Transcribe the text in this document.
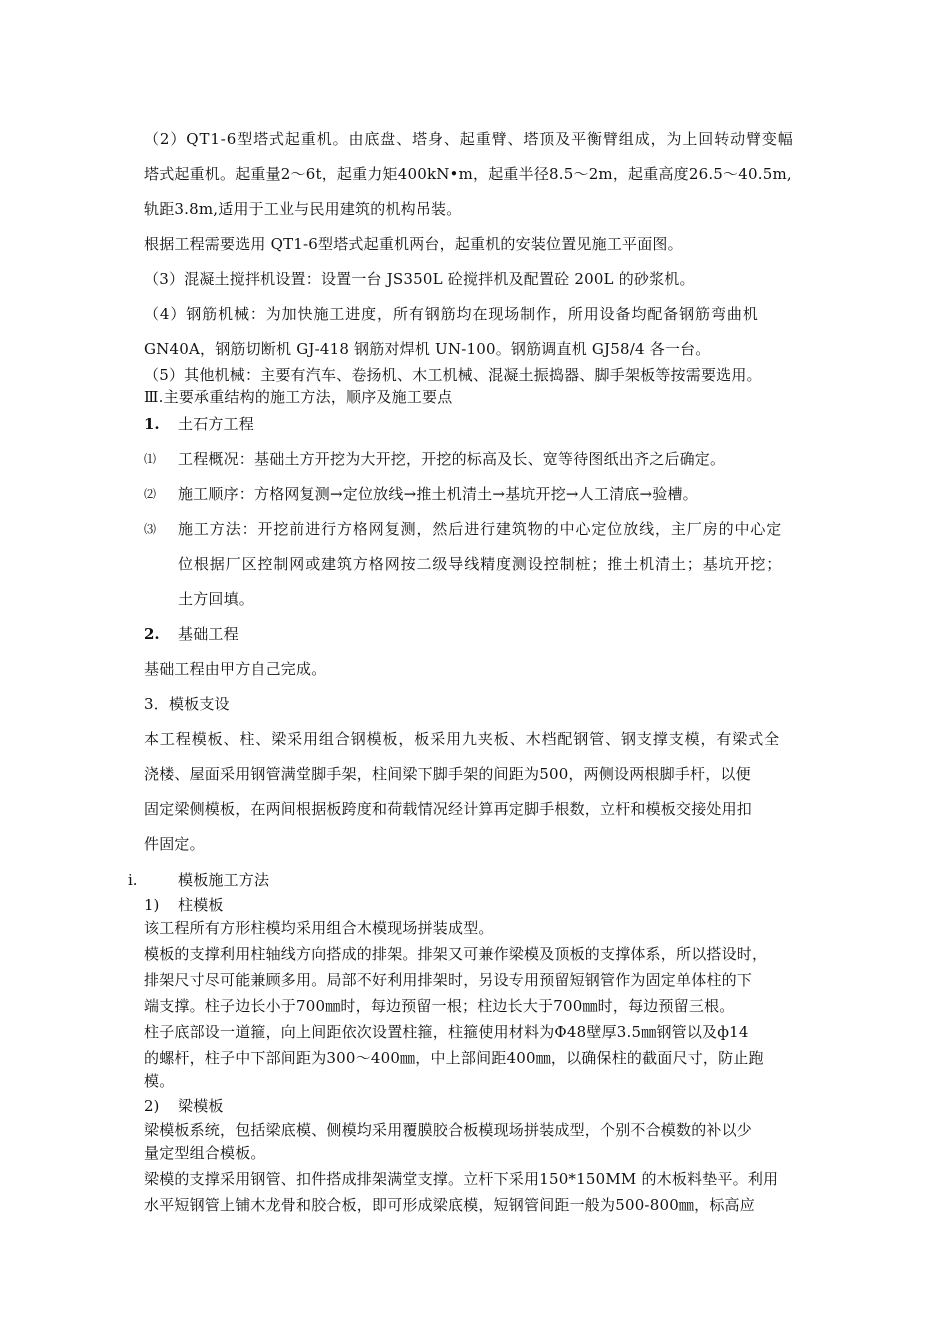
（2）QT1-6型塔式起重机。由底盘、塔身、起重臂、塔顶及平衡臂组成，为上回转动臂变幅
塔式起重机。起重量2～6t，起重力矩400kN•m，起重半径8.5～2m，起重高度26.5～40.5m,
轨距3.8m,适用于工业与民用建筑的机构吊装。
根据工程需要选用 QT1-6型塔式起重机两台，起重机的安装位置见施工平面图。
（3）混凝土搅拌机设置：设置一台 JS350L 砼搅拌机及配置砼 200L 的砂浆机。
（4）钢筋机械：为加快施工进度，所有钢筋均在现场制作，所用设备均配备钢筋弯曲机
GN40A，钢筋切断机 GJ-418 钢筋对焊机 UN-100。钢筋调直机 GJ58/4 各一台。
（5）其他机械：主要有汽车、卷扬机、木工机械、混凝土振捣器、脚手架板等按需要选用。
Ⅲ.主要承重结构的施工方法，顺序及施工要点
1. 土石方工程
⑴ 工程概况：基础土方开挖为大开挖，开挖的标高及长、宽等待图纸出齐之后确定。
⑵ 施工顺序：方格网复测→定位放线→推土机清土→基坑开挖→人工清底→验槽。
⑶ 施工方法：开挖前进行方格网复测，然后进行建筑物的中心定位放线，主厂房的中心定
位根据厂区控制网或建筑方格网按二级导线精度测设控制桩；推土机清土；基坑开挖；
土方回填。
2. 基础工程
基础工程由甲方自己完成。
3．模板支设
本工程模板、柱、梁采用组合钢模板，板采用九夹板、木档配钢管、钢支撑支模，有梁式全
浇楼、屋面采用钢管满堂脚手架，柱间梁下脚手架的间距为500，两侧设两根脚手杆，以便
固定梁侧模板，在两间根据板跨度和荷载情况经计算再定脚手根数，立杆和模板交接处用扣
件固定。
i.	模板施工方法
1) 柱模板
该工程所有方形柱模均采用组合木模现场拼装成型。
模板的支撑利用柱轴线方向搭成的排架。排架又可兼作梁模及顶板的支撑体系，所以搭设时，
排架尺寸尽可能兼顾多用。局部不好利用排架时，另设专用预留短钢管作为固定单体柱的下
端支撑。柱子边长小于700㎜时，每边预留一根；柱边长大于700㎜时，每边预留三根。
柱子底部设一道箍，向上间距依次设置柱箍，柱箍使用材料为Φ48壁厚3.5㎜钢管以及ф14
的螺杆，柱子中下部间距为300～400㎜，中上部间距400㎜，以确保柱的截面尺寸，防止跑
模。
2) 梁模板
梁模板系统，包括梁底模、侧模均采用覆膜胶合板模现场拼装成型，个别不合模数的补以少
量定型组合模板。
梁模的支撑采用钢管、扣件搭成排架满堂支撑。立杆下采用150*150MM 的木板料垫平。利用
水平短钢管上铺木龙骨和胶合板，即可形成梁底模，短钢管间距一般为500-800㎜，标高应
